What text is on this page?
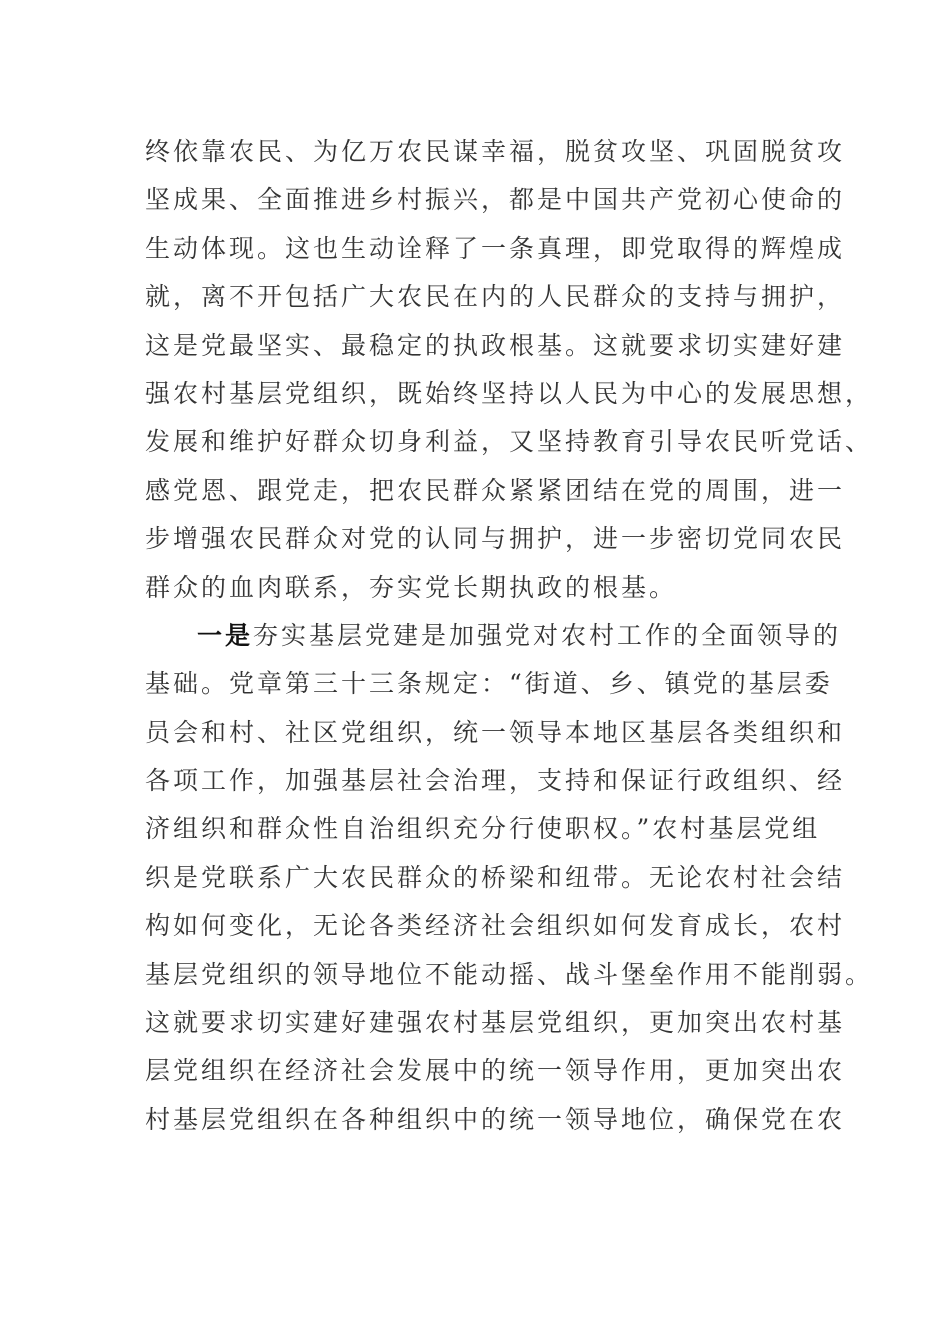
终依靠农民、为亿万农民谋幸福，脱贫攻坚、巩固脱贫攻
坚成果、全面推进乡村振兴，都是中国共产党初心使命的
生动体现。这也生动诠释了一条真理，即党取得的辉煌成
就，离不开包括广大农民在内的人民群众的支持与拥护，
这是党最坚实、最稳定的执政根基。这就要求切实建好建
强农村基层党组织，既始终坚持以人民为中心的发展思想，
发展和维护好群众切身利益，又坚持教育引导农民听党话、
感党恩、跟党走，把农民群众紧紧团结在党的周围，进一
步增强农民群众对党的认同与拥护，进一步密切党同农民
群众的血肉联系，夯实党长期执政的根基。
一是夯实基层党建是加强党对农村工作的全面领导的
基础。党章第三十三条规定：“街道、乡、镇党的基层委
员会和村、社区党组织，统一领导本地区基层各类组织和
各项工作，加强基层社会治理，支持和保证行政组织、经
济组织和群众性自治组织充分行使职权。”农村基层党组
织是党联系广大农民群众的桥梁和纽带。无论农村社会结
构如何变化，无论各类经济社会组织如何发育成长，农村
基层党组织的领导地位不能动摇、战斗堡垒作用不能削弱。
这就要求切实建好建强农村基层党组织，更加突出农村基
层党组织在经济社会发展中的统一领导作用，更加突出农
村基层党组织在各种组织中的统一领导地位，确保党在农
